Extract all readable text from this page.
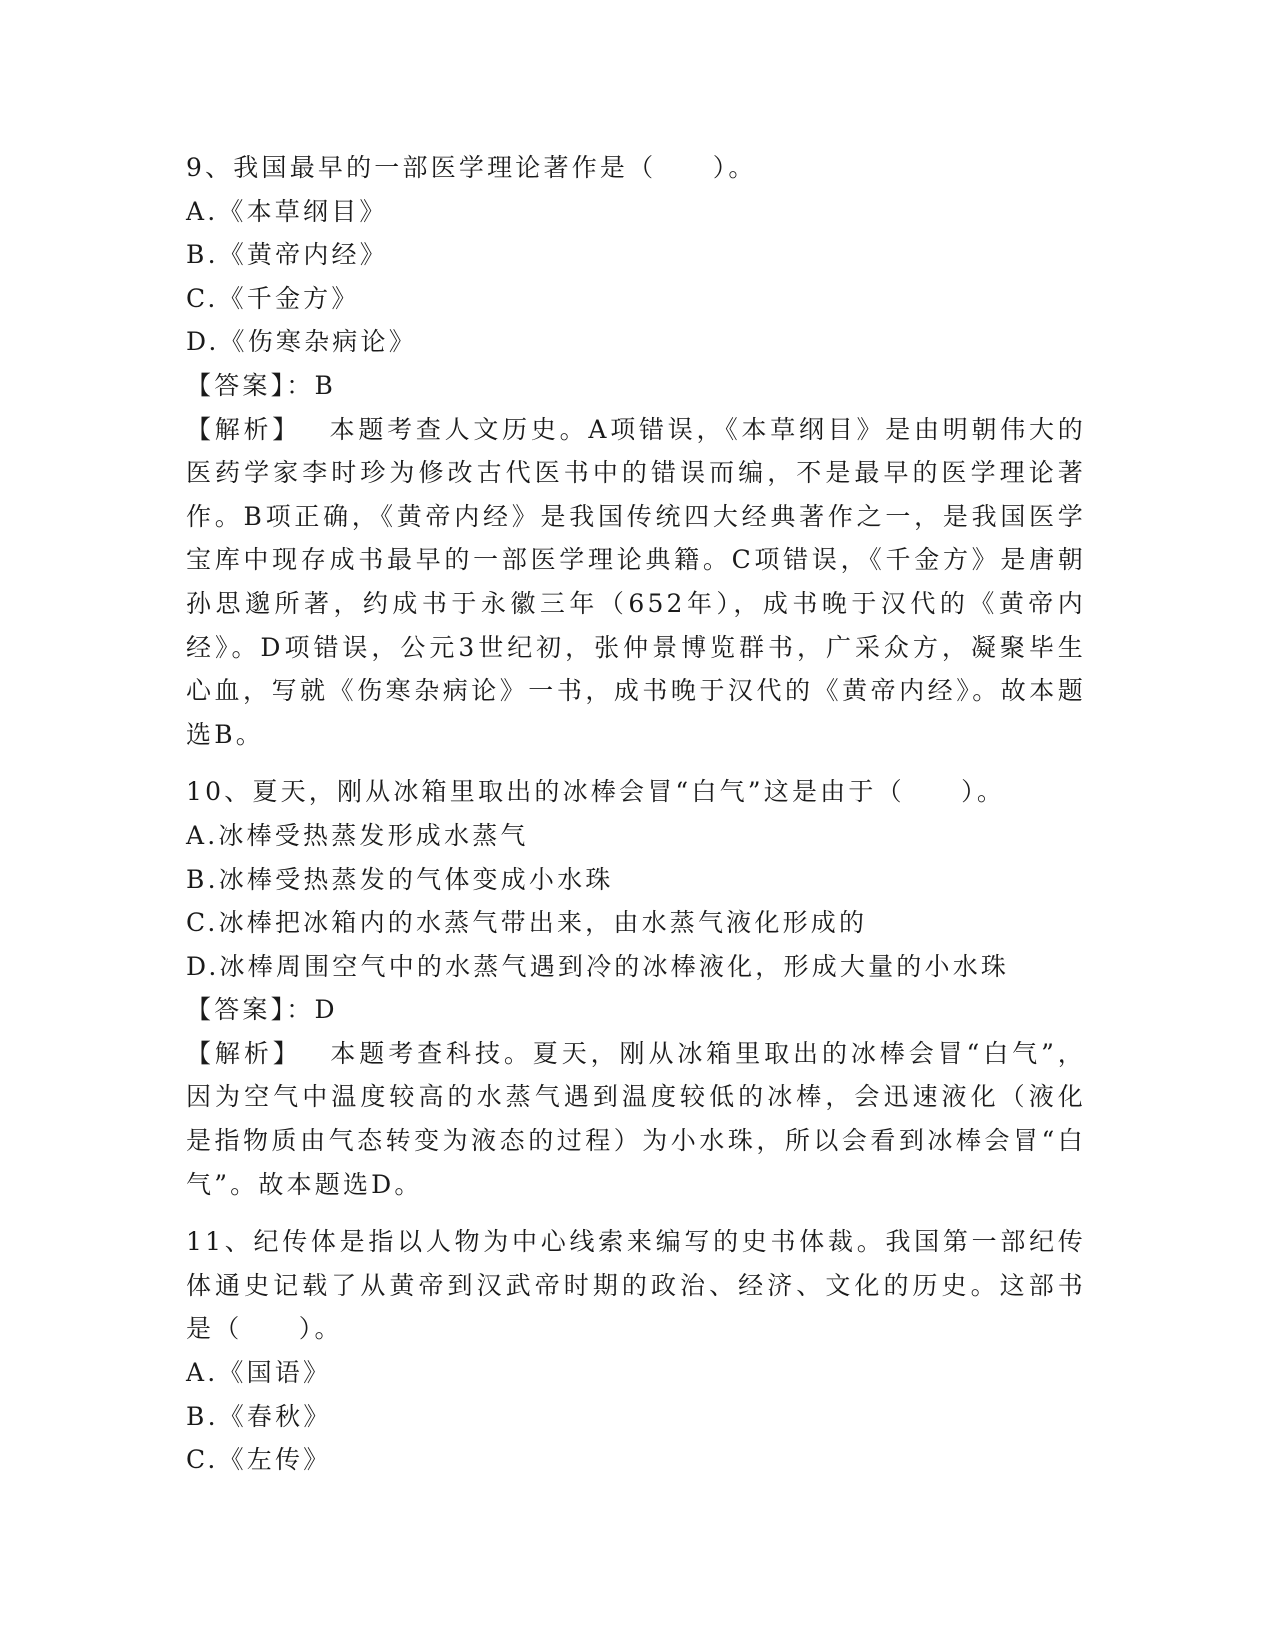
9、我国最早的一部医学理论著作是（　　）。
A.《本草纲目》
B.《黄帝内经》
C.《千金方》
D.《伤寒杂病论》
【答案】：B

【解析】 本题考查人文历史。A项错误，《本草纲目》是由明朝伟大的医药学家李时珍为修改古代医书中的错误而编，不是最早的医学理论著作。B项正确，《黄帝内经》是我国传统四大经典著作之一，是我国医学宝库中现存成书最早的一部医学理论典籍。C项错误，《千金方》是唐朝孙思邈所著，约成书于永徽三年（652年），成书晚于汉代的《黄帝内经》。D项错误，公元3世纪初，张仲景博览群书，广采众方，凝聚毕生心血，写就《伤寒杂病论》一书，成书晚于汉代的《黄帝内经》。故本题选B。

10、夏天，刚从冰箱里取出的冰棒会冒“白气”这是由于（　　）。
A.冰棒受热蒸发形成水蒸气
B.冰棒受热蒸发的气体变成小水珠
C.冰棒把冰箱内的水蒸气带出来，由水蒸气液化形成的
D.冰棒周围空气中的水蒸气遇到冷的冰棒液化，形成大量的小水珠
【答案】：D

【解析】 本题考查科技。夏天，刚从冰箱里取出的冰棒会冒“白气”，因为空气中温度较高的水蒸气遇到温度较低的冰棒，会迅速液化（液化是指物质由气态转变为液态的过程）为小水珠，所以会看到冰棒会冒“白气”。故本题选D。

11、纪传体是指以人物为中心线索来编写的史书体裁。我国第一部纪传体通史记载了从黄帝到汉武帝时期的政治、经济、文化的历史。这部书是（　　）。

A.《国语》
B.《春秋》
C.《左传》
